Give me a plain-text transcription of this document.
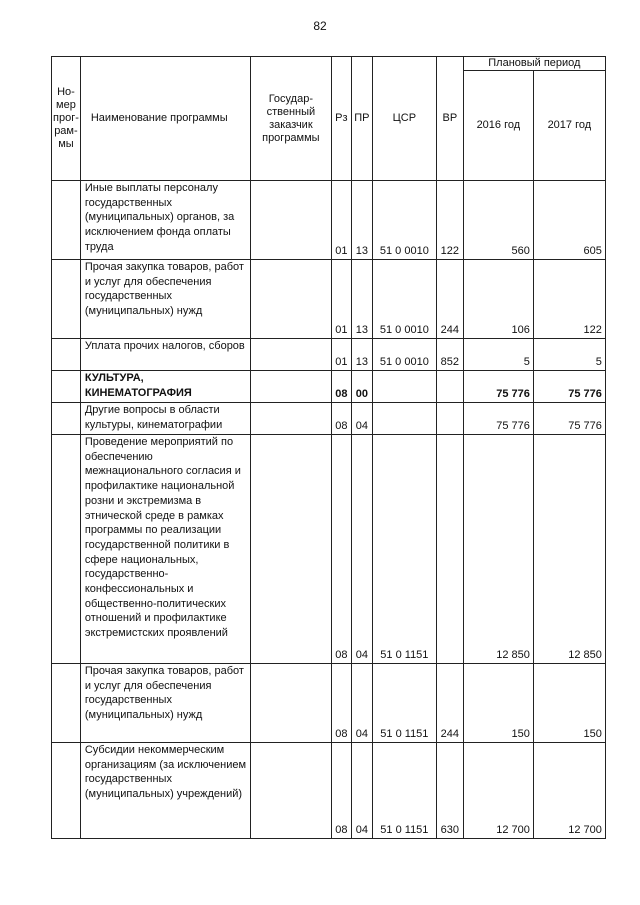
82
Но-мер прог-рам-мы	Наименование программы	Государ-ственный заказчик программы	Рз	ПР	ЦСР	ВР	Плановый период	
							2016 год	2017 год
	Иные выплаты персоналу государственных (муниципальных) органов, за исключением фонда оплаты труда		01	13	51 0 0010	122	560	605
	Прочая закупка товаров, работ и услуг для обеспечения государственных (муниципальных) нужд		01	13	51 0 0010	244	106	122
	Уплата прочих налогов, сборов		01	13	51 0 0010	852	5	5
	КУЛЬТУРА, КИНЕМАТОГРАФИЯ		08	00			75 776	75 776
	Другие вопросы в области культуры, кинематографии		08	04			75 776	75 776
	Проведение мероприятий по обеспечению межнационального согласия и профилактике национальной розни и экстремизма в этнической среде в рамках программы по реализации государственной политики в сфере национальных, государственно-конфессиональных и общественно-политических отношений и профилактике экстремистских проявлений		08	04	51 0 1151		12 850	12 850
	Прочая закупка товаров, работ и услуг для обеспечения государственных (муниципальных) нужд		08	04	51 0 1151	244	150	150
	Субсидии некоммерческим организациям (за исключением государственных (муниципальных) учреждений)		08	04	51 0 1151	630	12 700	12 700
